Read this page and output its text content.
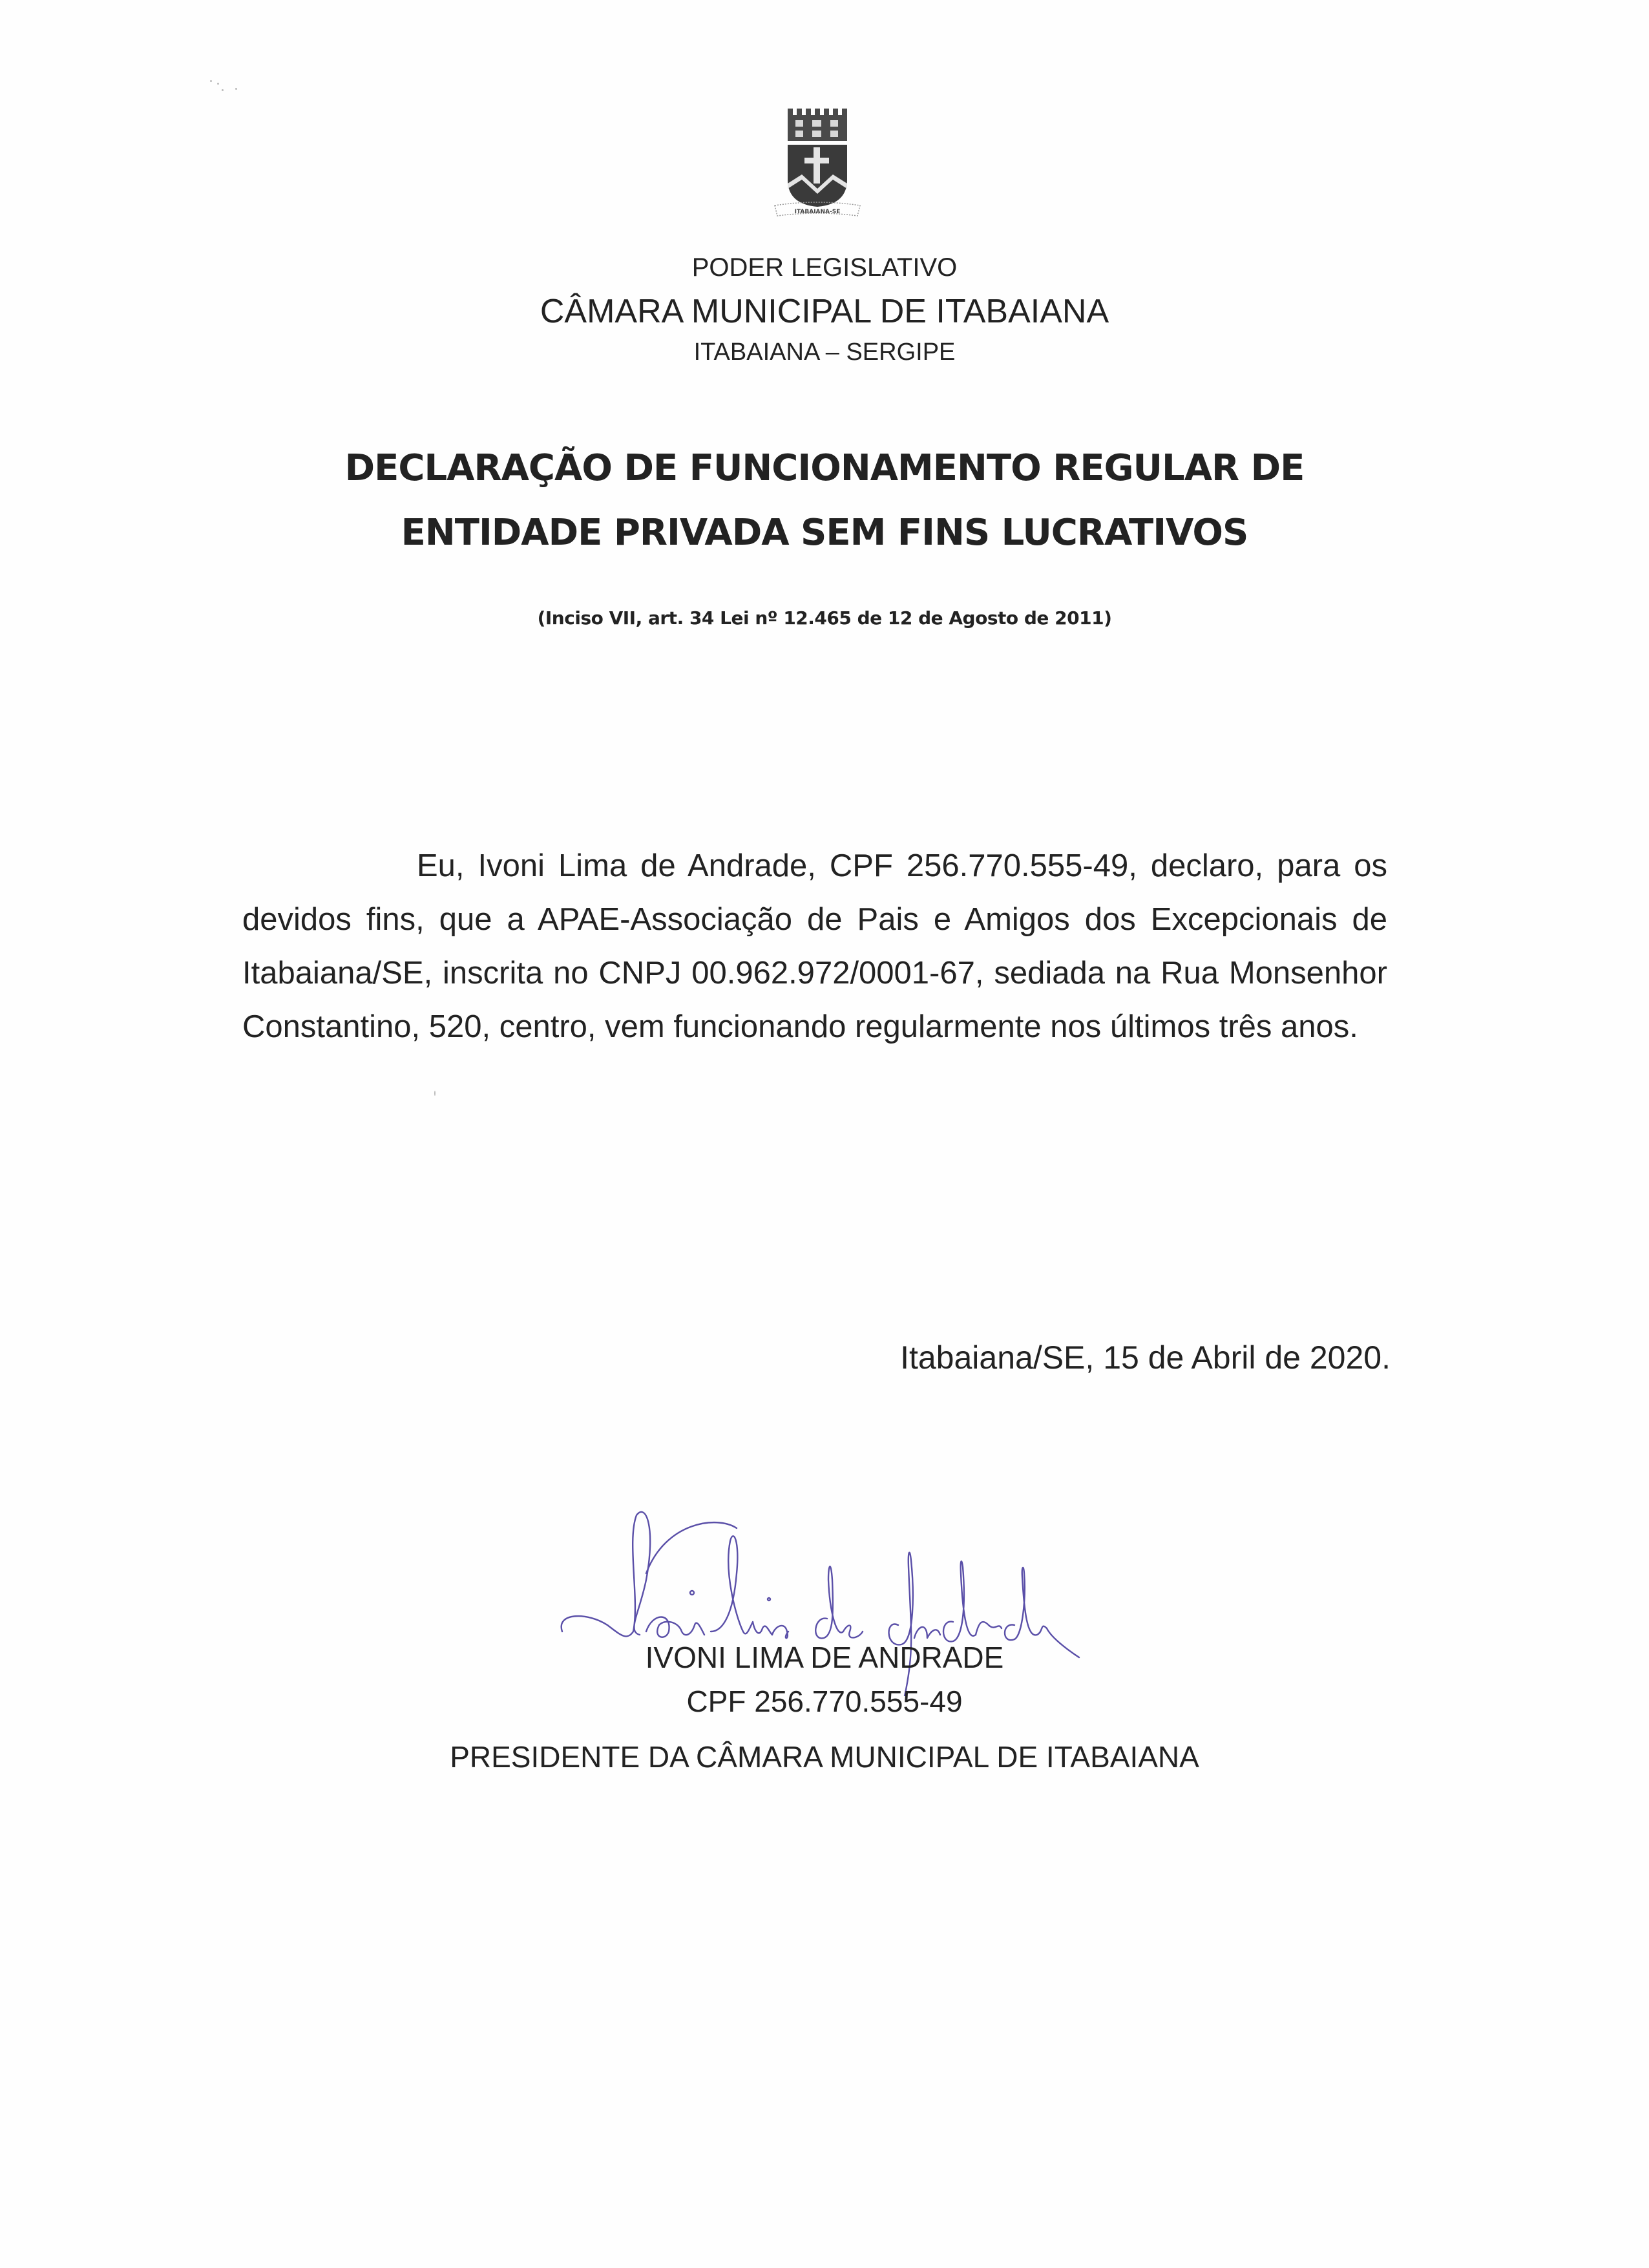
ITABAIANA-SE
PODER LEGISLATIVO
CÂMARA MUNICIPAL DE ITABAIANA
ITABAIANA – SERGIPE
DECLARAÇÃO DE FUNCIONAMENTO REGULAR DE
ENTIDADE PRIVADA SEM FINS LUCRATIVOS
(Inciso VII, art. 34 Lei nº 12.465 de 12 de Agosto de 2011)

Eu, Ivoni Lima de Andrade, CPF 256.770.555-49, declaro, para os devidos fins, que a APAE-Associação de Pais e Amigos dos Excepcionais de Itabaiana/SE, inscrita no CNPJ 00.962.972/0001-67, sediada na Rua Monsenhor Constantino, 520, centro, vem funcionando regularmente nos últimos três anos.

Itabaiana/SE, 15 de Abril de 2020.
IVONI LIMA DE ANDRADE
CPF 256.770.555-49
PRESIDENTE DA CÂMARA MUNICIPAL DE ITABAIANA
